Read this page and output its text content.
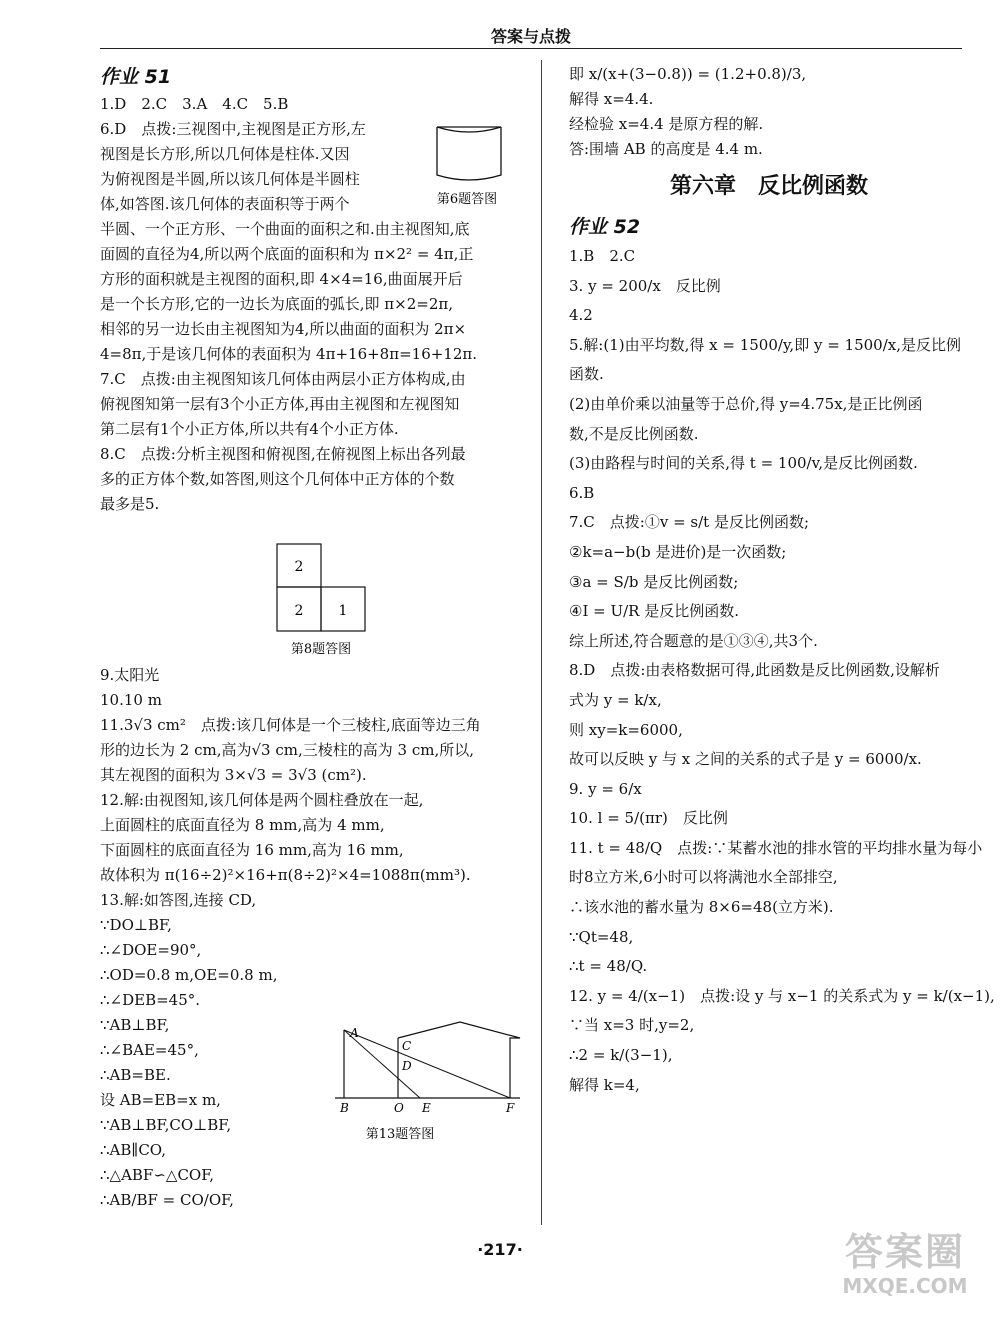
答案与点拨
作业 51
1.D　2.C　3.A　4.C　5.B
6.D　点拨:三视图中,主视图是正方形,左
视图是长方形,所以几何体是柱体.又因
为俯视图是半圆,所以该几何体是半圆柱
体,如答图.该几何体的表面积等于两个
半圆、一个正方形、一个曲面的面积之和.由主视图知,底
面圆的直径为4,所以两个底面的面积和为 π×2² = 4π,正
方形的面积就是主视图的面积,即 4×4=16,曲面展开后
是一个长方形,它的一边长为底面的弧长,即 π×2=2π,
相邻的另一边长由主视图知为4,所以曲面的面积为 2π×
4=8π,于是该几何体的表面积为 4π+16+8π=16+12π.
7.C　点拨:由主视图知该几何体由两层小正方体构成,由
俯视图知第一层有3个小正方体,再由主视图和左视图知
第二层有1个小正方体,所以共有4个小正方体.
8.C　点拨:分析主视图和俯视图,在俯视图上标出各列最
多的正方体个数,如答图,则这个几何体中正方体的个数
最多是5.
2
2	1
第8题答图
9.太阳光
10.10 m
11.3√3 cm²　点拨:该几何体是一个三棱柱,底面等边三角
形的边长为 2 cm,高为√3 cm,三棱柱的高为 3 cm,所以,
其左视图的面积为 3×√3 = 3√3 (cm²).
12.解:由视图知,该几何体是两个圆柱叠放在一起,
上面圆柱的底面直径为 8 mm,高为 4 mm,
下面圆柱的底面直径为 16 mm,高为 16 mm,
故体积为 π(16÷2)²×16+π(8÷2)²×4=1088π(mm³).
13.解:如答图,连接 CD,
∵DO⊥BF,
∴∠DOE=90°,
∴OD=0.8 m,OE=0.8 m,
∴∠DEB=45°.
∵AB⊥BF,
∴∠BAE=45°,
∴AB=BE.
设 AB=EB=x m,
∵AB⊥BF,CO⊥BF,
∴AB∥CO,
∴△ABF∽△COF,
∴AB/BF = CO/OF,
第6题答图
A
B	O E	F
C
D
第13题答图
即 x/(x+(3−0.8)) = (1.2+0.8)/3,
解得 x=4.4.
经检验 x=4.4 是原方程的解.
答:围墙 AB 的高度是 4.4 m.
第六章　反比例函数
作业 52
1.B　2.C
3. y = 200/x　反比例
4.2
5.解:(1)由平均数,得 x = 1500/y,即 y = 1500/x,是反比例
函数.
(2)由单价乘以油量等于总价,得 y=4.75x,是正比例函
数,不是反比例函数.
(3)由路程与时间的关系,得 t = 100/v,是反比例函数.
6.B
7.C　点拨:①v = s/t 是反比例函数;
②k=a−b(b 是进价)是一次函数;
③a = S/b 是反比例函数;
④I = U/R 是反比例函数.
综上所述,符合题意的是①③④,共3个.
8.D　点拨:由表格数据可得,此函数是反比例函数,设解析
式为 y = k/x,
则 xy=k=6000,
故可以反映 y 与 x 之间的关系的式子是 y = 6000/x.
9. y = 6/x
10. l = 5/(πr)　反比例
11. t = 48/Q　点拨:∵某蓄水池的排水管的平均排水量为每小
时8立方米,6小时可以将满池水全部排空,
∴该水池的蓄水量为 8×6=48(立方米).
∵Qt=48,
∴t = 48/Q.
12. y = 4/(x−1)　点拨:设 y 与 x−1 的关系式为 y = k/(x−1),
∵当 x=3 时,y=2,
∴2 = k/(3−1),
解得 k=4,
·217·	答案圈
MXQE.COM
